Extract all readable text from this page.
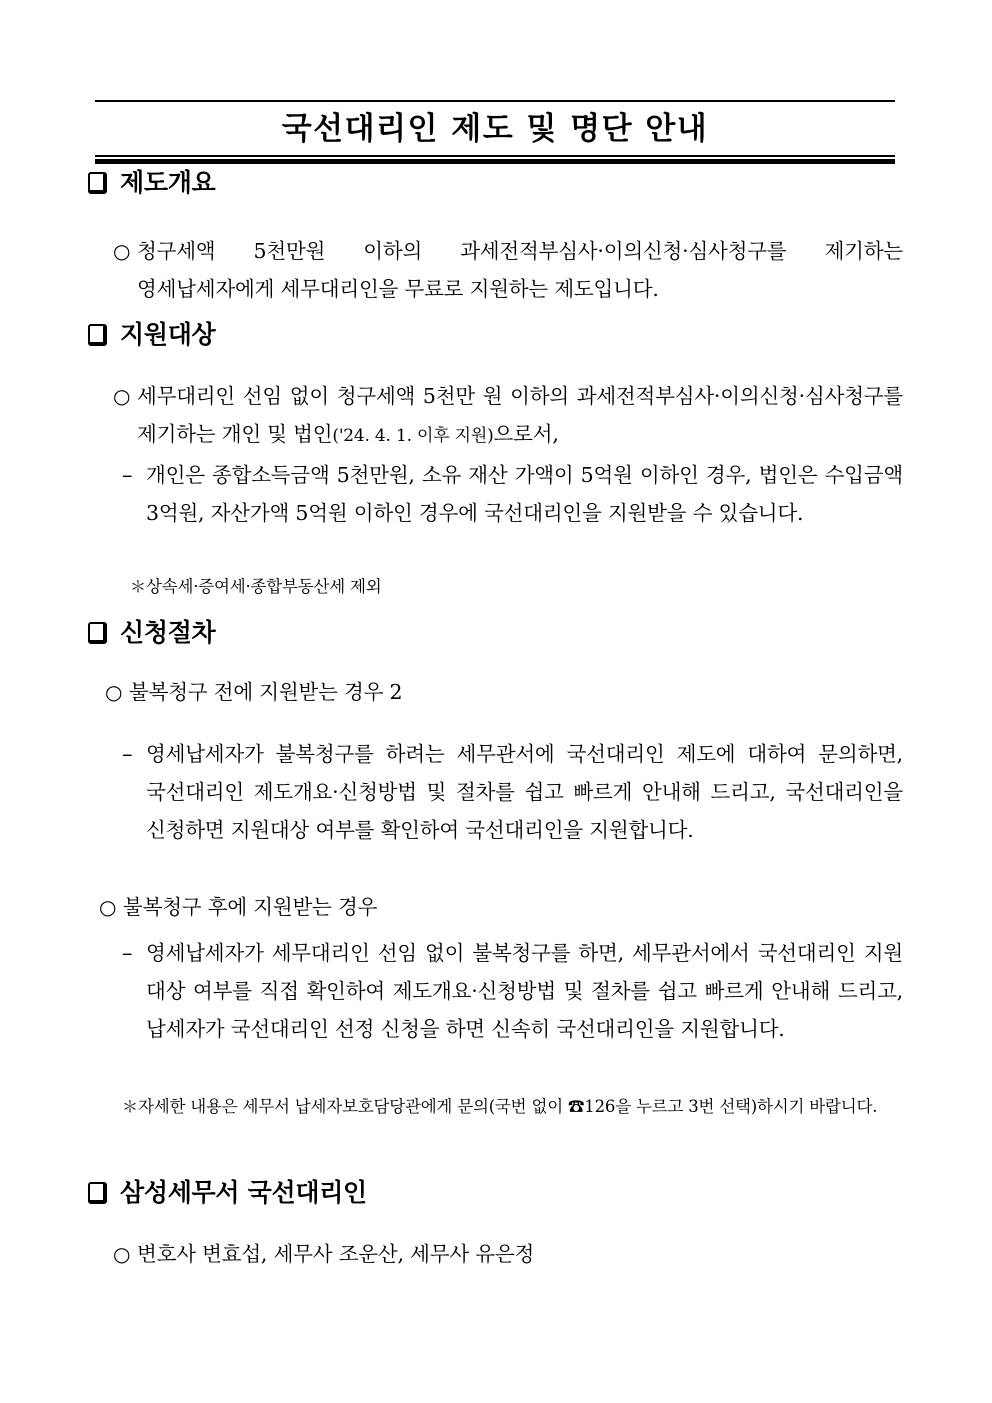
국선대리인 제도 및 명단 안내
제도개요
○ 청구세액 5천만원 이하의 과세전적부심사·이의신청·심사청구를 제기하는 영세납세자에게 세무대리인을 무료로 지원하는 제도입니다.
지원대상
○ 세무대리인 선임 없이 청구세액 5천만 원 이하의 과세전적부심사·이의신청·심사청구를 제기하는 개인 및 법인('24. 4. 1. 이후 지원)으로서,
– 개인은 종합소득금액 5천만원, 소유 재산 가액이 5억원 이하인 경우, 법인은 수입금액 3억원, 자산가액 5억원 이하인 경우에 국선대리인을 지원받을 수 있습니다.
＊ 상속세·증여세·종합부동산세 제외
신청절차
○ 불복청구 전에 지원받는 경우 2
– 영세납세자가 불복청구를 하려는 세무관서에 국선대리인 제도에 대하여 문의하면, 국선대리인 제도개요·신청방법 및 절차를 쉽고 빠르게 안내해 드리고, 국선대리인을 신청하면 지원대상 여부를 확인하여 국선대리인을 지원합니다.
○ 불복청구 후에 지원받는 경우
– 영세납세자가 세무대리인 선임 없이 불복청구를 하면, 세무관서에서 국선대리인 지원 대상 여부를 직접 확인하여 제도개요·신청방법 및 절차를 쉽고 빠르게 안내해 드리고, 납세자가 국선대리인 선정 신청을 하면 신속히 국선대리인을 지원합니다.
＊ 자세한 내용은 세무서 납세자보호담당관에게 문의(국번 없이 ☎126을 누르고 3번 선택)하시기 바랍니다.
삼성세무서 국선대리인
○ 변호사 변효섭, 세무사 조운산, 세무사 유은정
